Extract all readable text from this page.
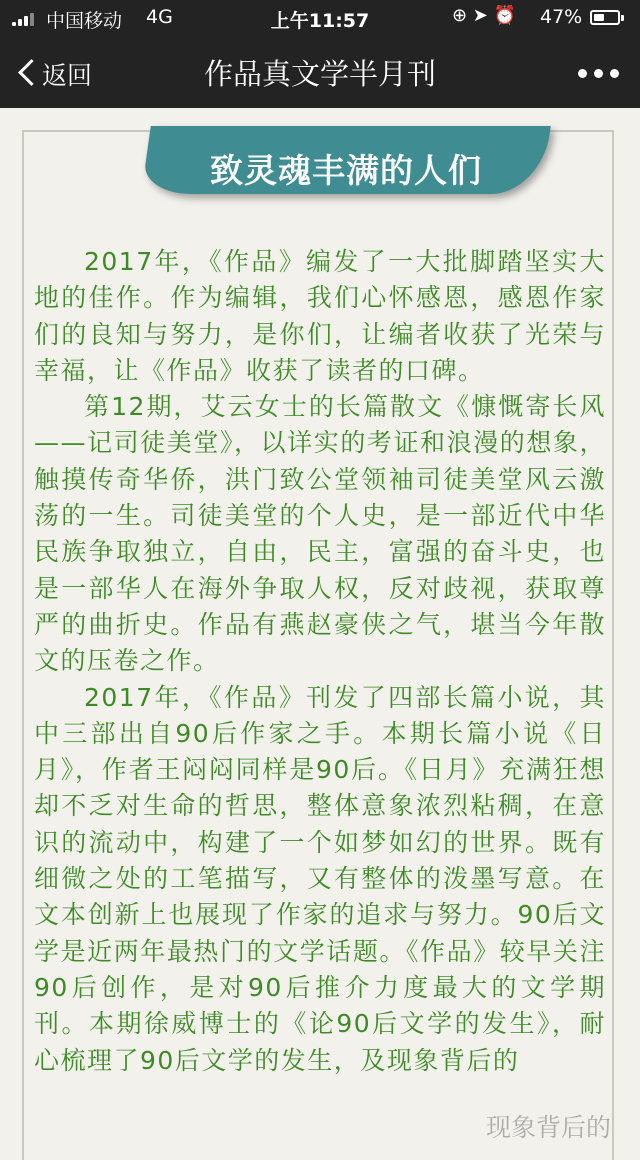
中国移动 4G	上午11:57	⊕ ➤ ⏰ 47%
返回	作品真文学半月刊
致灵魂丰满的人们

2017年，《作品》编发了一大批脚踏坚实大地的佳作。作为编辑，我们心怀感恩，感恩作家们的良知与努力，是你们，让编者收获了光荣与幸福，让《作品》收获了读者的口碑。

第12期，艾云女士的长篇散文《慷慨寄长风——记司徒美堂》，以详实的考证和浪漫的想象，触摸传奇华侨，洪门致公堂领袖司徒美堂风云激荡的一生。司徒美堂的个人史，是一部近代中华民族争取独立，自由，民主，富强的奋斗史，也是一部华人在海外争取人权，反对歧视，获取尊严的曲折史。作品有燕赵豪侠之气，堪当今年散文的压卷之作。

2017年，《作品》刊发了四部长篇小说，其中三部出自90后作家之手。本期长篇小说《日月》，作者王闷闷同样是90后。《日月》充满狂想却不乏对生命的哲思，整体意象浓烈粘稠，在意识的流动中，构建了一个如梦如幻的世界。既有细微之处的工笔描写，又有整体的泼墨写意。在文本创新上也展现了作家的追求与努力。90后文学是近两年最热门的文学话题。《作品》较早关注90后创作，是对90后推介力度最大的文学期刊。本期徐威博士的《论90后文学的发生》，耐心梳理了90后文学的发生，及现象背后的

现象背后的
